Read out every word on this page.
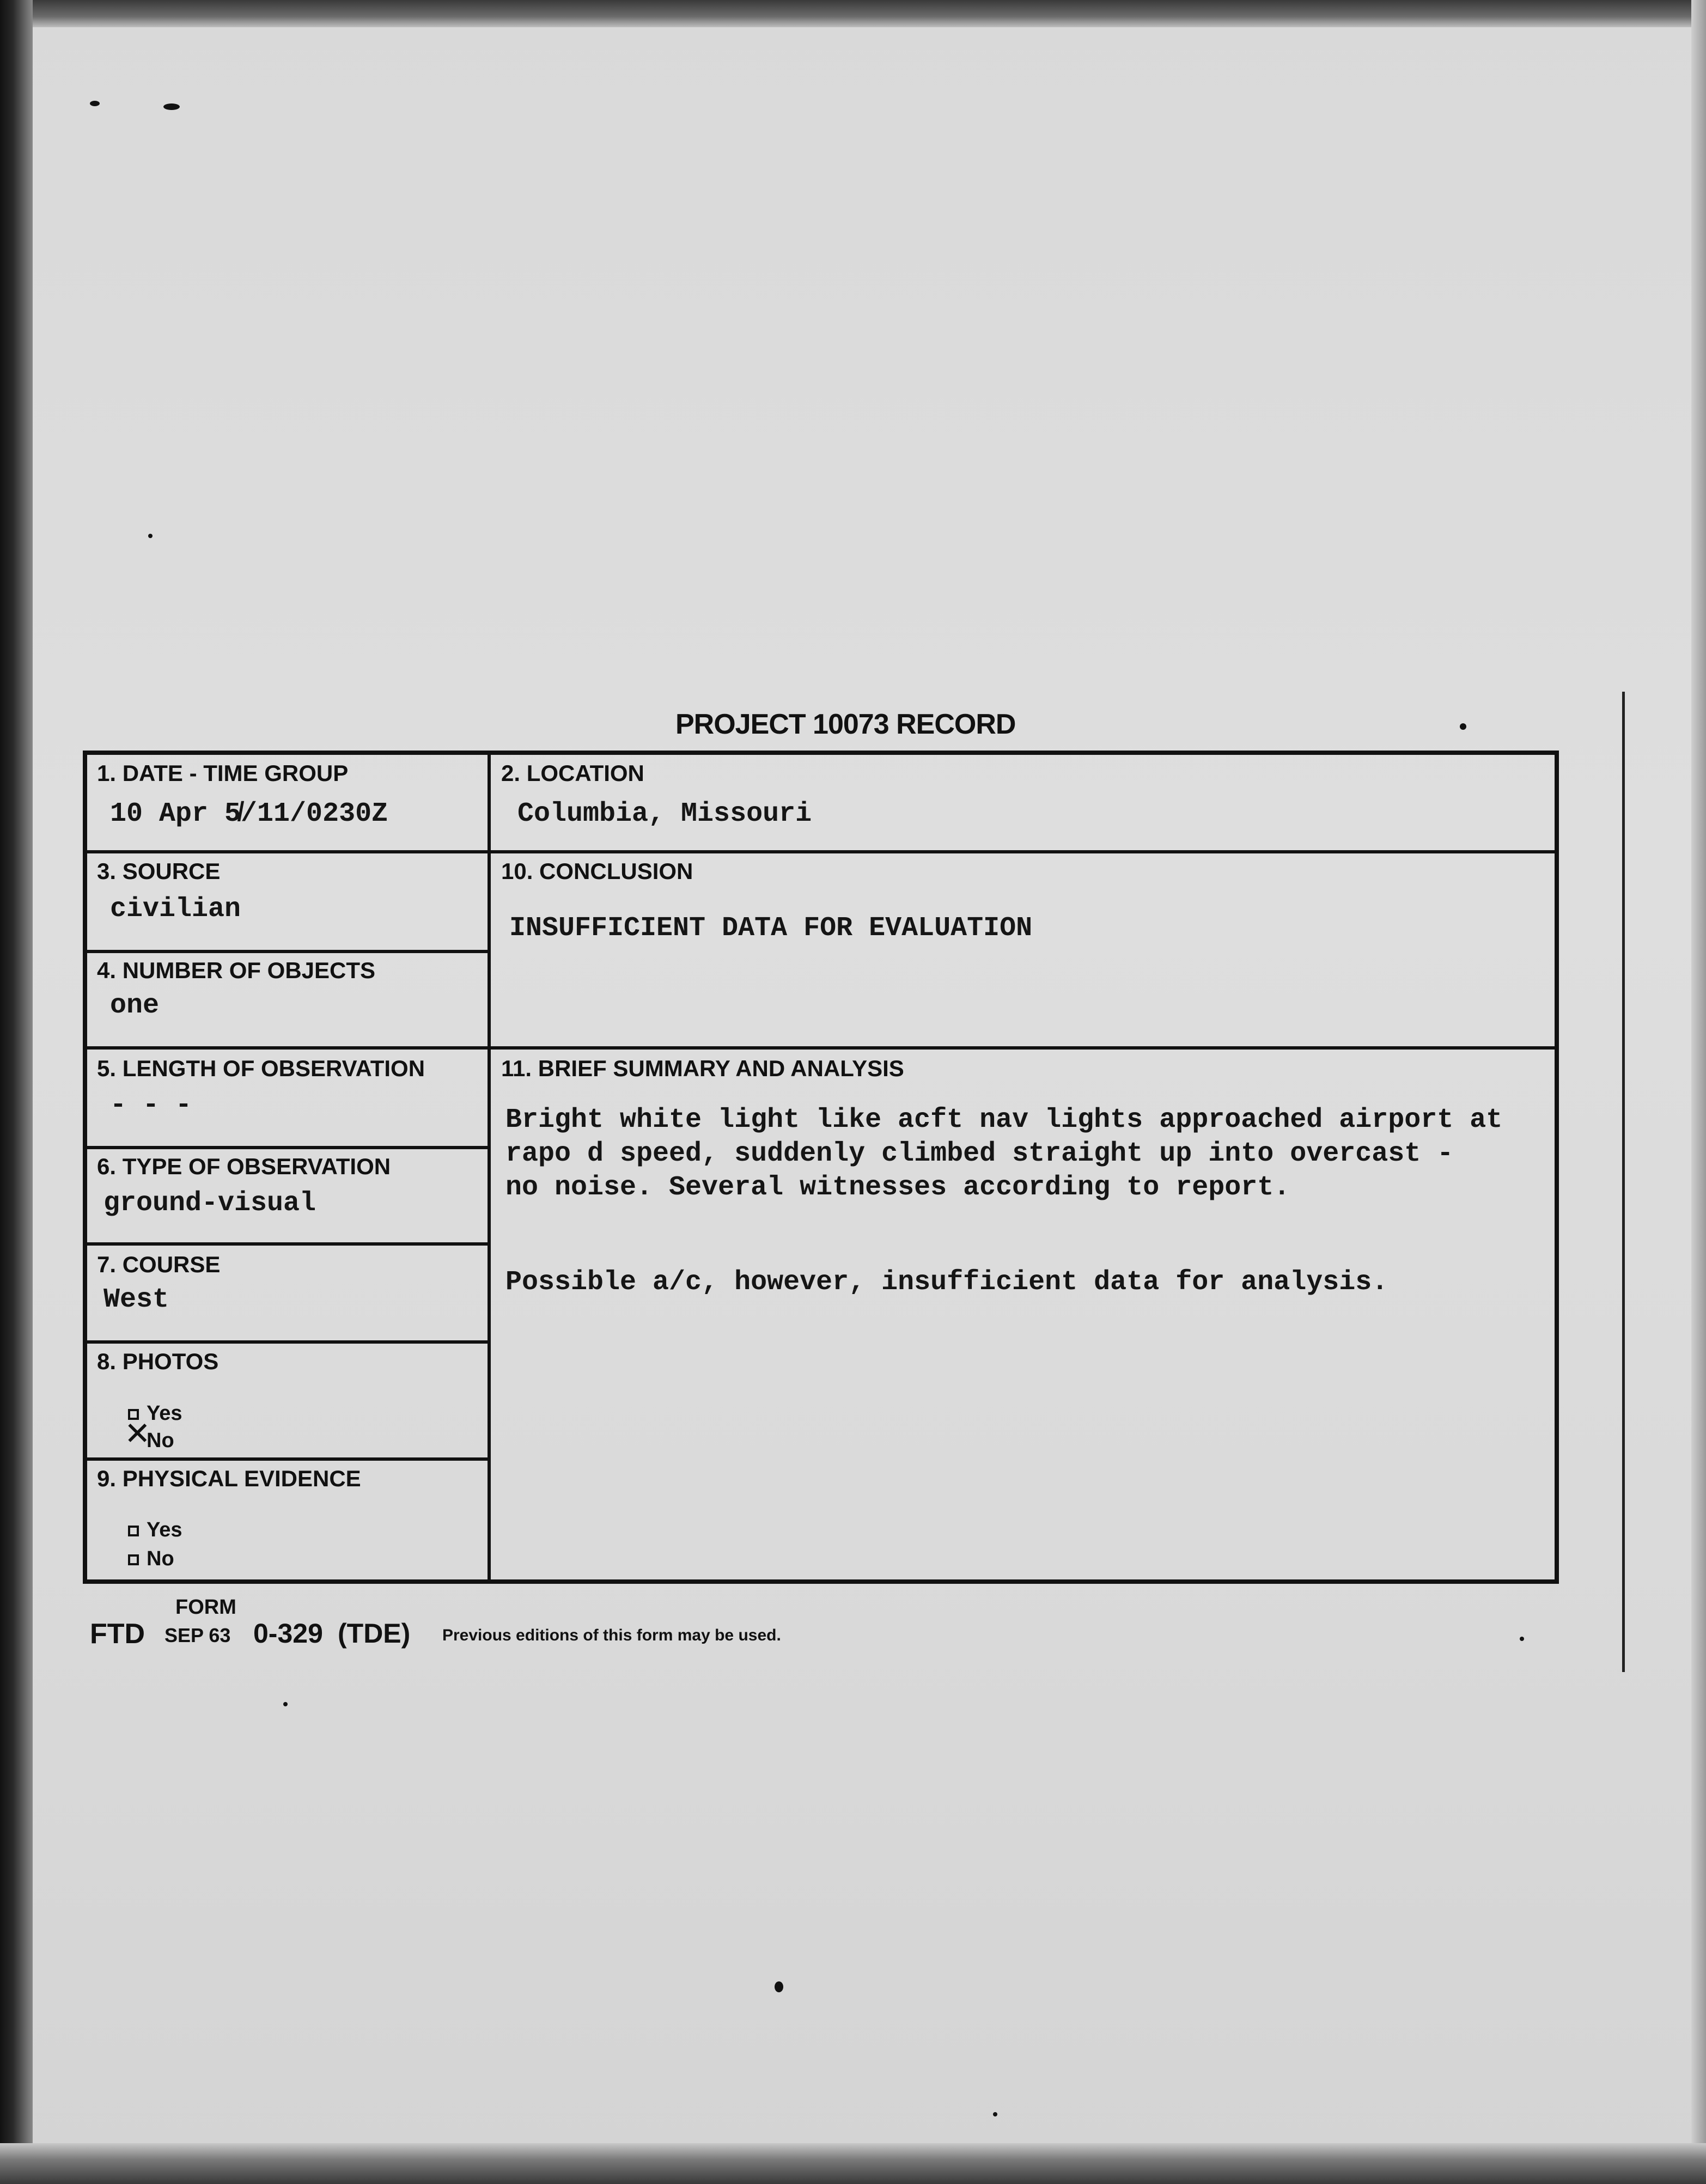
PROJECT 10073 RECORD
1. DATE - TIME GROUP
10 Apr 5̸/11/0230Z
2. LOCATION
Columbia, Missouri
3. SOURCE
civilian
10. CONCLUSION
INSUFFICIENT DATA FOR EVALUATION
4. NUMBER OF OBJECTS
one
5. LENGTH OF OBSERVATION
- - -
11. BRIEF SUMMARY AND ANALYSIS
Bright white light like acft nav lights approached airport at
rapo d speed, suddenly climbed straight up into overcast -
no noise. Several witnesses according to report.
Possible a/c, however, insufficient data for analysis.
6. TYPE OF OBSERVATION
ground-visual
7. COURSE
West
8. PHOTOS
Yes
No
✕
9. PHYSICAL EVIDENCE
Yes
No
FORM
FTD SEP 63 0-329 (TDE) Previous editions of this form may be used.
